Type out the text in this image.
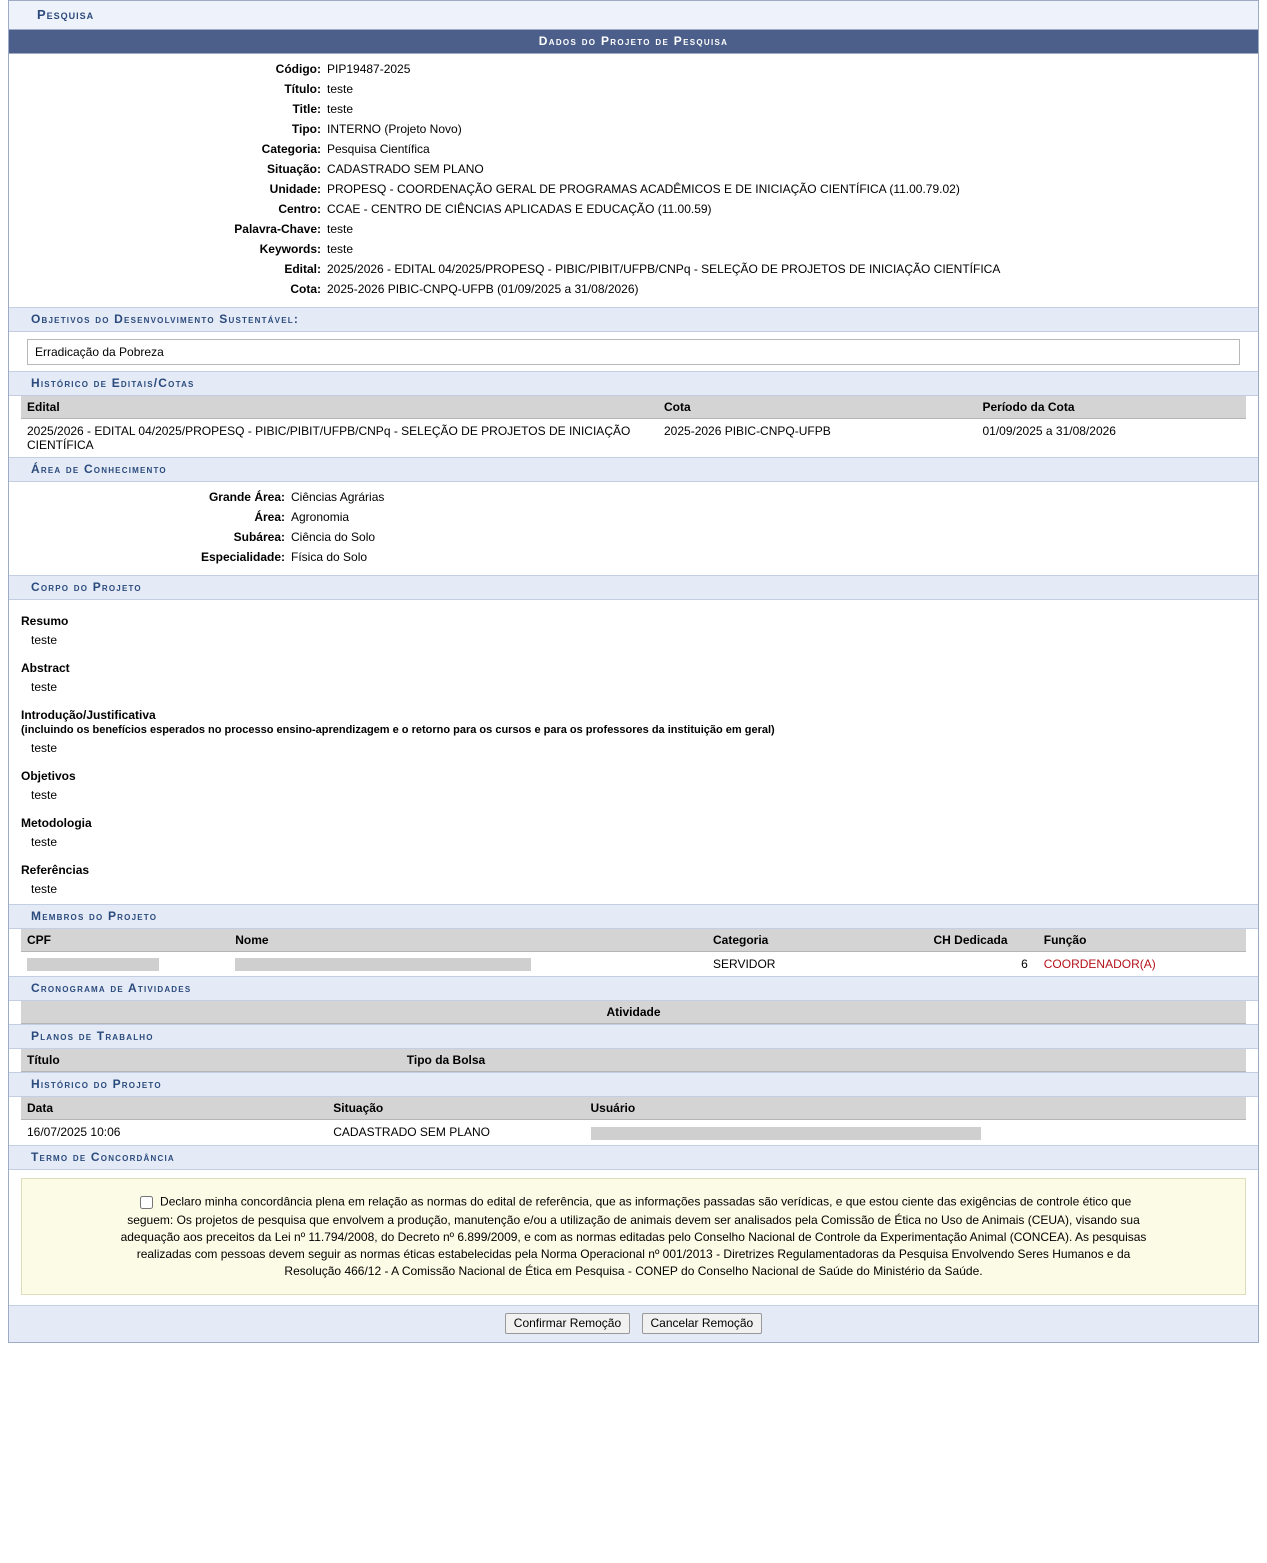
Pesquisa
Dados do Projeto de Pesquisa
Código: PIP19487-2025
Título: teste
Title: teste
Tipo: INTERNO (Projeto Novo)
Categoria: Pesquisa Científica
Situação: CADASTRADO SEM PLANO
Unidade: PROPESQ - COORDENAÇÃO GERAL DE PROGRAMAS ACADÊMICOS E DE INICIAÇÃO CIENTÍFICA (11.00.79.02)
Centro: CCAE - CENTRO DE CIÊNCIAS APLICADAS E EDUCAÇÃO (11.00.59)
Palavra-Chave: teste
Keywords: teste
Edital: 2025/2026 - EDITAL 04/2025/PROPESQ - PIBIC/PIBIT/UFPB/CNPq - SELEÇÃO DE PROJETOS DE INICIAÇÃO CIENTÍFICA
Cota: 2025-2026 PIBIC-CNPQ-UFPB (01/09/2025 a 31/08/2026)
Objetivos do Desenvolvimento Sustentável:
Erradicação da Pobreza
Histórico de Editais/Cotas
Edital	Cota	Período da Cota
2025/2026 - EDITAL 04/2025/PROPESQ - PIBIC/PIBIT/UFPB/CNPq - SELEÇÃO DE PROJETOS DE INICIAÇÃO CIENTÍFICA	2025-2026 PIBIC-CNPQ-UFPB	01/09/2025 a 31/08/2026
Área de Conhecimento
Grande Área: Ciências Agrárias
Área: Agronomia
Subárea: Ciência do Solo
Especialidade: Física do Solo
Corpo do Projeto
Resumo

teste

Abstract

teste

Introdução/Justificativa
(incluindo os benefícios esperados no processo ensino-aprendizagem e o retorno para os cursos e para os professores da instituição em geral)

teste

Objetivos

teste

Metodologia

teste

Referências

teste

Membros do Projeto
CPF	Nome	Categoria	CH Dedicada	Função
		SERVIDOR	6	COORDENADOR(A)
Cronograma de Atividades
Atividade
Planos de Trabalho
Título	Tipo da Bolsa
Histórico do Projeto
Data	Situação	Usuário
16/07/2025 10:06	CADASTRADO SEM PLANO	
Termo de Concordância
Declaro minha concordância plena em relação as normas do edital de referência, que as informações passadas são verídicas, e que estou ciente das exigências de controle ético que seguem: Os projetos de pesquisa que envolvem a produção, manutenção e/ou a utilização de animais devem ser analisados pela Comissão de Ética no Uso de Animais (CEUA), visando sua adequação aos preceitos da Lei nº 11.794/2008, do Decreto nº 6.899/2009, e com as normas editadas pelo Conselho Nacional de Controle da Experimentação Animal (CONCEA). As pesquisas realizadas com pessoas devem seguir as normas éticas estabelecidas pela Norma Operacional nº 001/2013 - Diretrizes Regulamentadoras da Pesquisa Envolvendo Seres Humanos e da Resolução 466/12 - A Comissão Nacional de Ética em Pesquisa - CONEP do Conselho Nacional de Saúde do Ministério da Saúde.
Confirmar Remoção Cancelar Remoção
